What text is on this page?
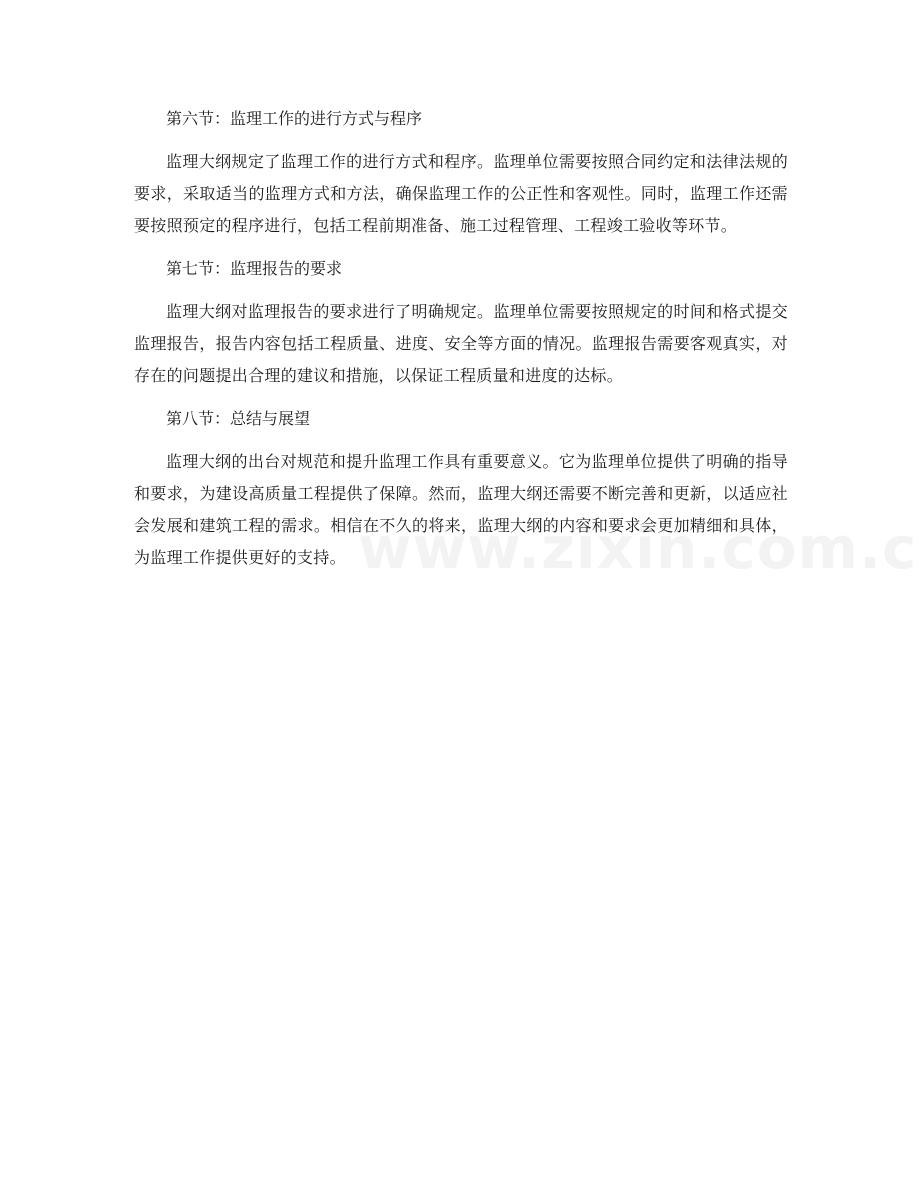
第六节：监理工作的进行方式与程序

监理大纲规定了监理工作的进行方式和程序。监理单位需要按照合同约定和法律法规的要求，采取适当的监理方式和方法，确保监理工作的公正性和客观性。同时，监理工作还需要按照预定的程序进行，包括工程前期准备、施工过程管理、工程竣工验收等环节。

第七节：监理报告的要求

监理大纲对监理报告的要求进行了明确规定。监理单位需要按照规定的时间和格式提交监理报告，报告内容包括工程质量、进度、安全等方面的情况。监理报告需要客观真实，对存在的问题提出合理的建议和措施，以保证工程质量和进度的达标。

第八节：总结与展望

监理大纲的出台对规范和提升监理工作具有重要意义。它为监理单位提供了明确的指导和要求，为建设高质量工程提供了保障。然而，监理大纲还需要不断完善和更新，以适应社会发展和建筑工程的需求。相信在不久的将来，监理大纲的内容和要求会更加精细和具体，为监理工作提供更好的支持。
